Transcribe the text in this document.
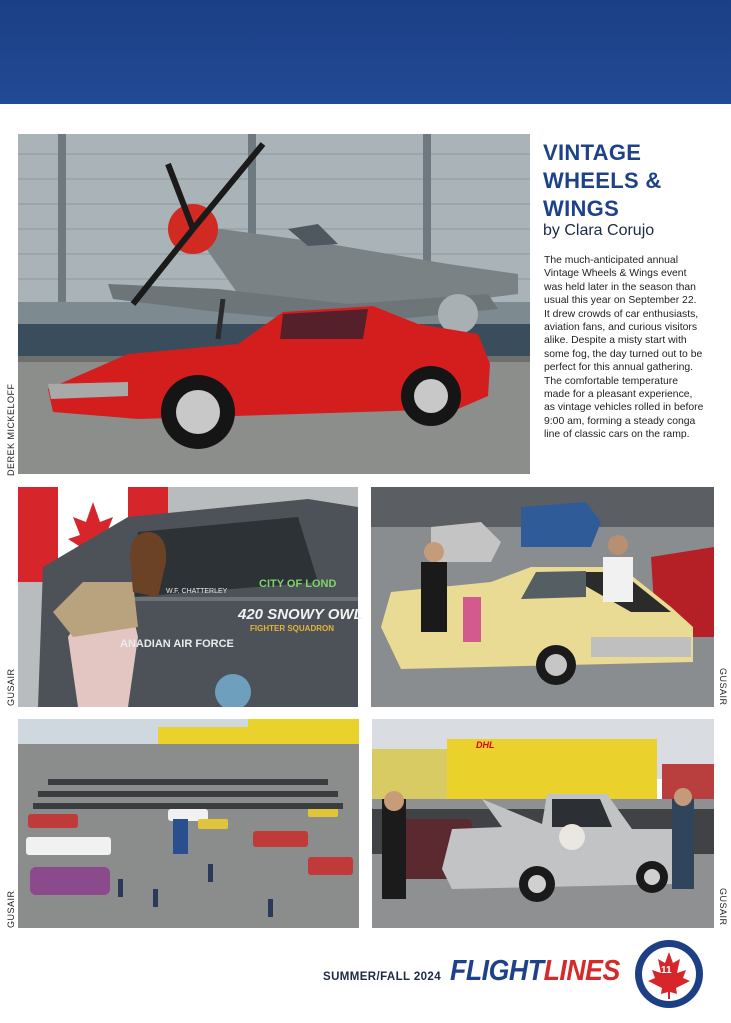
DEREK MICKELOFF
VINTAGE
WHEELS &
WINGS
by Clara Corujo
The much-anticipated annual
Vintage Wheels & Wings event
was held later in the season than
usual this year on September 22.
It drew crowds of car enthusiasts,
aviation fans, and curious visitors
alike. Despite a misty start with
some fog, the day turned out to be
perfect for this annual gathering.
The comfortable temperature
made for a pleasant experience,
as vintage vehicles rolled in before
9:00 am, forming a steady conga
line of classic cars on the ramp.
W.F. CHATTERLEY
CITY OF LOND
420 SNOWY OWL
FIGHTER SQUADRON
ANADIAN AIR FORCE
GUSAIR	GUSAIR
GUSAIR
DHL
GUSAIR
SUMMER/FALL 2024 FLIGHTLINES	11
